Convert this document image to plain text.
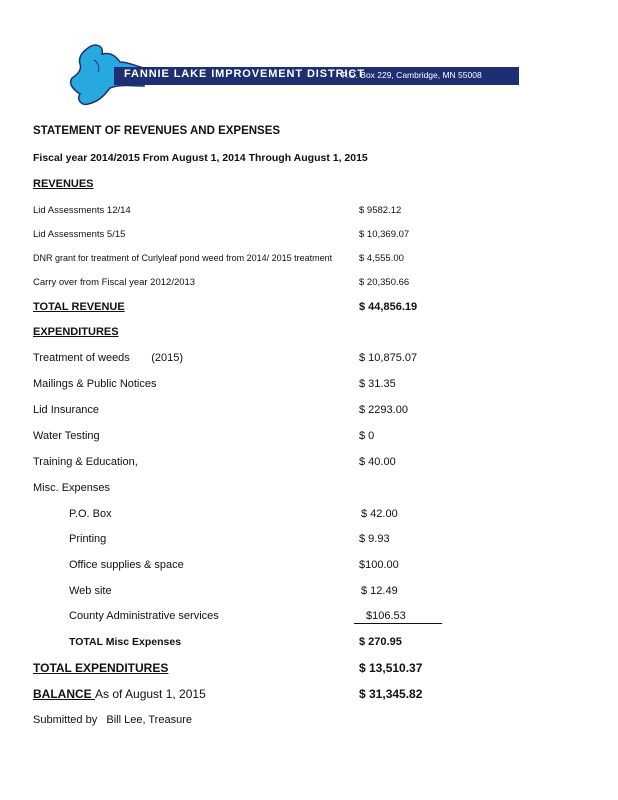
FANNIE LAKE IMPROVEMENT DISTRICT
P.O. Box 229, Cambridge, MN 55008
STATEMENT OF REVENUES AND EXPENSES
Fiscal year 2014/2015 From August 1, 2014 Through August 1, 2015
REVENUES
Lid Assessments 12/14	$ 9582.12
Lid Assessments 5/15	$ 10,369.07
DNR grant for treatment of Curlyleaf pond weed from 2014/ 2015 treatment	$ 4,555.00
Carry over from Fiscal year 2012/2013	$ 20,350.66
TOTAL REVENUE	$ 44,856.19
EXPENDITURES
Treatment of weeds       (2015)	$ 10,875.07
Mailings & Public Notices	$ 31.35
Lid Insurance	$ 2293.00
Water Testing	$ 0
Training & Education,	$ 40.00
Misc. Expenses
P.O. Box	$ 42.00
Printing	$ 9.93
Office supplies & space	$100.00
Web site	$ 12.49
County Administrative services	$106.53
TOTAL Misc Expenses	$ 270.95
TOTAL EXPENDITURES	$ 13,510.37
BALANCE As of August 1, 2015	$ 31,345.82
Submitted by   Bill Lee, Treasure
